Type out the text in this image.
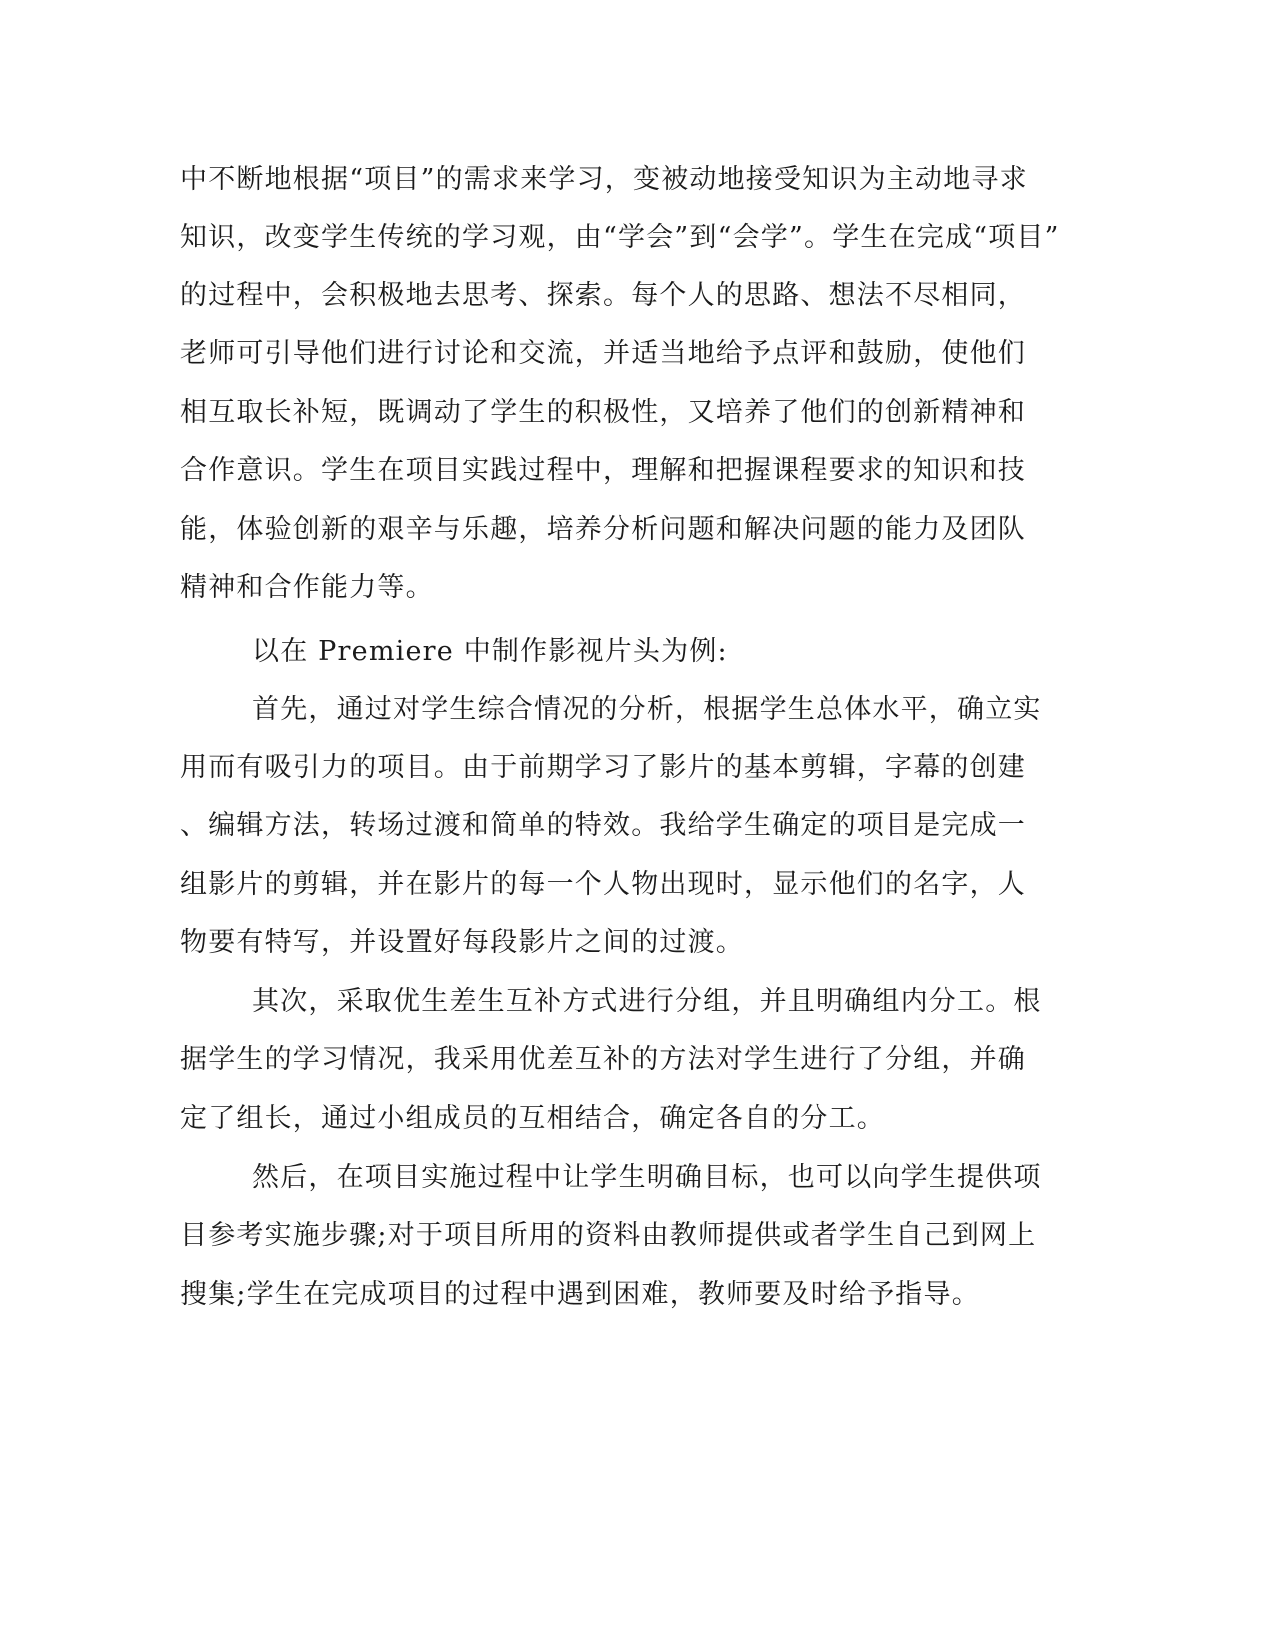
中不断地根据“项目”的需求来学习，变被动地接受知识为主动地寻求
知识，改变学生传统的学习观，由“学会”到“会学”。学生在完成“项目”
的过程中，会积极地去思考、探索。每个人的思路、想法不尽相同，
老师可引导他们进行讨论和交流，并适当地给予点评和鼓励，使他们
相互取长补短，既调动了学生的积极性，又培养了他们的创新精神和
合作意识。学生在项目实践过程中，理解和把握课程要求的知识和技
能，体验创新的艰辛与乐趣，培养分析问题和解决问题的能力及团队
精神和合作能力等。
以在 Premiere 中制作影视片头为例:
首先，通过对学生综合情况的分析，根据学生总体水平，确立实
用而有吸引力的项目。由于前期学习了影片的基本剪辑，字幕的创建
、编辑方法，转场过渡和简单的特效。我给学生确定的项目是完成一
组影片的剪辑，并在影片的每一个人物出现时，显示他们的名字，人
物要有特写，并设置好每段影片之间的过渡。
其次，采取优生差生互补方式进行分组，并且明确组内分工。根
据学生的学习情况，我采用优差互补的方法对学生进行了分组，并确
定了组长，通过小组成员的互相结合，确定各自的分工。
然后，在项目实施过程中让学生明确目标，也可以向学生提供项
目参考实施步骤;对于项目所用的资料由教师提供或者学生自己到网上
搜集;学生在完成项目的过程中遇到困难，教师要及时给予指导。
